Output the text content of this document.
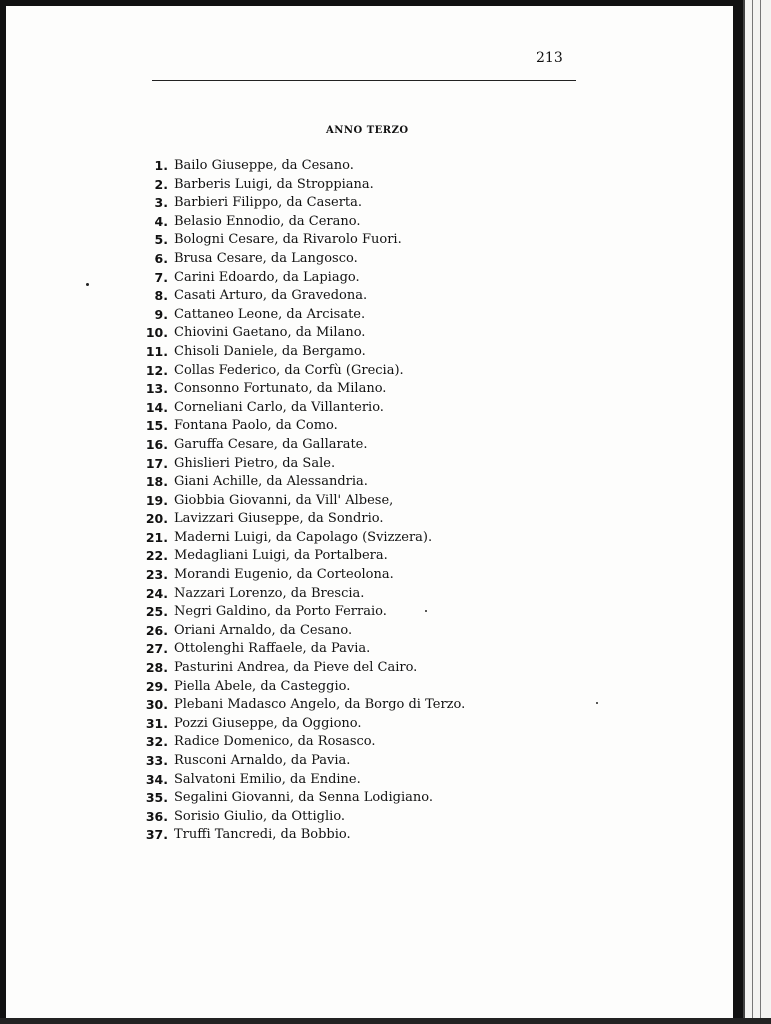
213
ANNO TERZO
1. Bailo Giuseppe, da Cesano.
2. Barberis Luigi, da Stroppiana.
3. Barbieri Filippo, da Caserta.
4. Belasio Ennodio, da Cerano.
5. Bologni Cesare, da Rivarolo Fuori.
6. Brusa Cesare, da Langosco.
7. Carini Edoardo, da Lapiago.
8. Casati Arturo, da Gravedona.
9. Cattaneo Leone, da Arcisate.
10. Chiovini Gaetano, da Milano.
11. Chisoli Daniele, da Bergamo.
12. Collas Federico, da Corfù (Grecia).
13. Consonno Fortunato, da Milano.
14. Corneliani Carlo, da Villanterio.
15. Fontana Paolo, da Como.
16. Garuffa Cesare, da Gallarate.
17. Ghislieri Pietro, da Sale.
18. Giani Achille, da Alessandria.
19. Giobbia Giovanni, da Vill' Albese,
20. Lavizzari Giuseppe, da Sondrio.
21. Maderni Luigi, da Capolago (Svizzera).
22. Medagliani Luigi, da Portalbera.
23. Morandi Eugenio, da Corteolona.
24. Nazzari Lorenzo, da Brescia.
25. Negri Galdino, da Porto Ferraio.
26. Oriani Arnaldo, da Cesano.
27. Ottolenghi Raffaele, da Pavia.
28. Pasturini Andrea, da Pieve del Cairo.
29. Piella Abele, da Casteggio.
30. Plebani Madasco Angelo, da Borgo di Terzo.
31. Pozzi Giuseppe, da Oggiono.
32. Radice Domenico, da Rosasco.
33. Rusconi Arnaldo, da Pavia.
34. Salvatoni Emilio, da Endine.
35. Segalini Giovanni, da Senna Lodigiano.
36. Sorisio Giulio, da Ottiglio.
37. Truffi Tancredi, da Bobbio.
